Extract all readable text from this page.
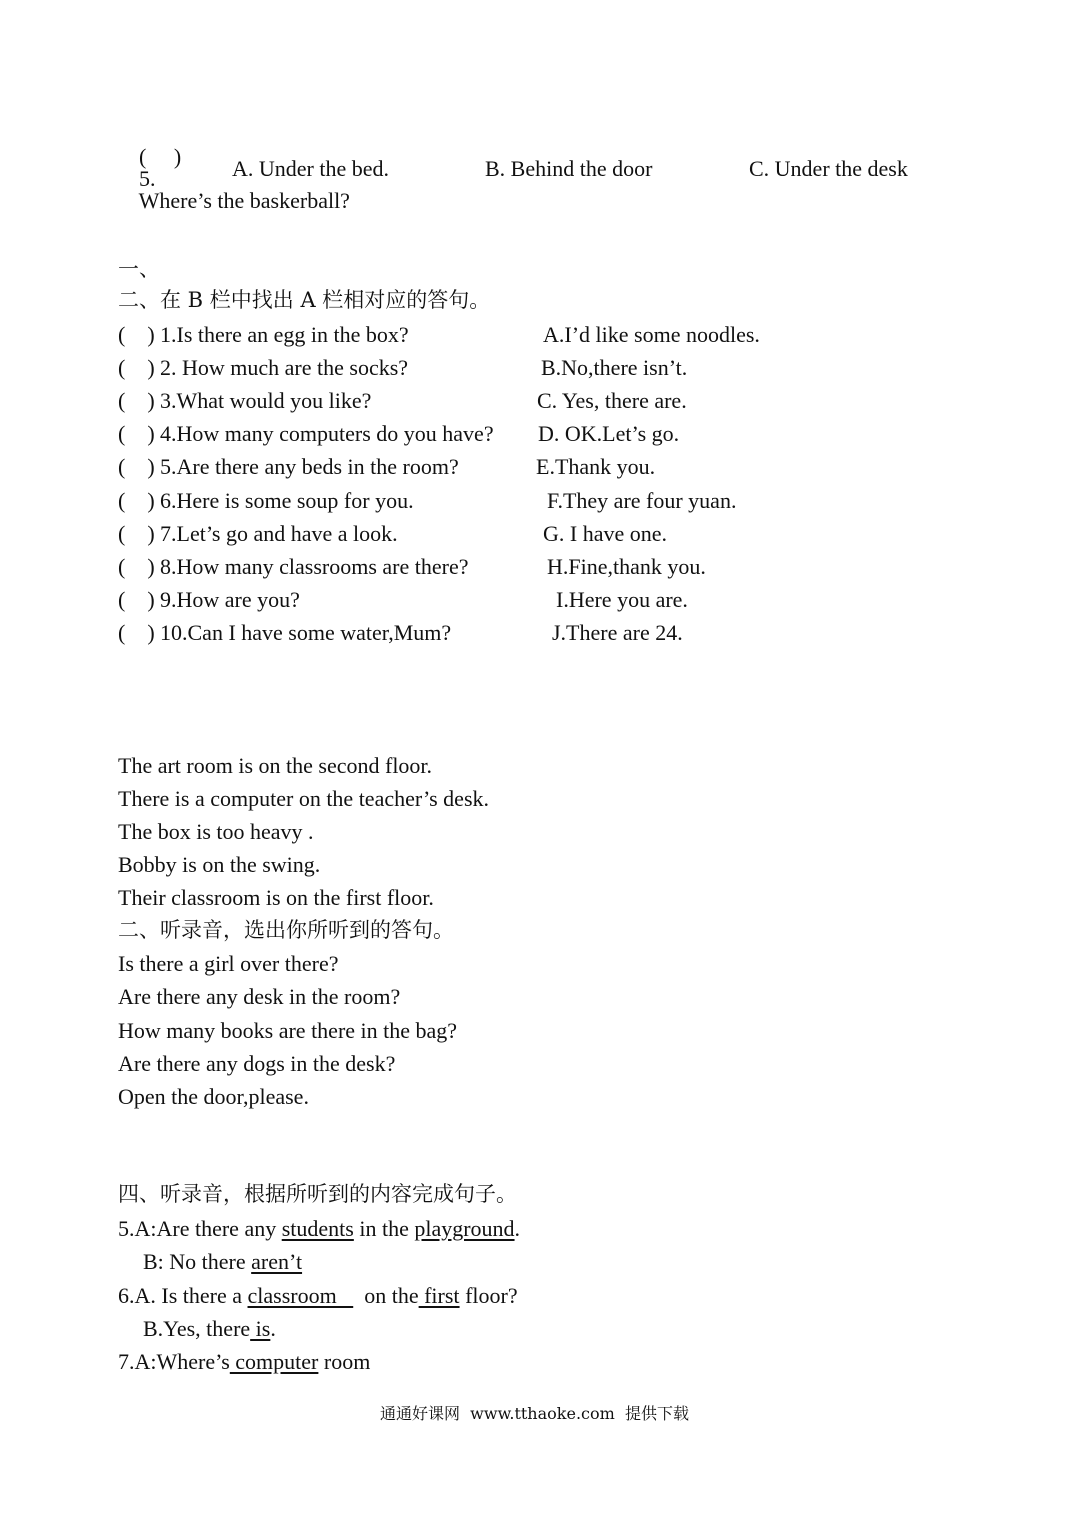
(     )
5.
Where’s the baskerball?

A. Under the bed.	B. Behind the door	C. Under the desk
一、
二、在 B 栏中找出 A 栏相对应的答句。
(    ) 1.Is there an egg in the box?	A.I’d like some noodles.
(    ) 2. How much are the socks?	B.No,there isn’t.
(    ) 3.What would you like?	C. Yes, there are.
(    ) 4.How many computers do you have? D. OK.Let’s go.
(    ) 5.Are there any beds in the room?	E.Thank you.
(    ) 6.Here is some soup for you.	F.They are four yuan.
(    ) 7.Let’s go and have a look.	G. I have one.
(    ) 8.How many classrooms are there?	H.Fine,thank you.
(    ) 9.How are you?	I.Here you are.
(    ) 10.Can I have some water,Mum?	J.There are 24.
The art room is on the second floor.
There is a computer on the teacher’s desk.
The box is too heavy .
Bobby is on the swing.
Their classroom is on the first floor.
二、听录音，选出你所听到的答句。
Is there a girl over there?
Are there any desk in the room?
How many books are there in the bag?
Are there any dogs in the desk?
Open the door,please.
四、听录音，根据所听到的内容完成句子。
5.A:Are there any students in the playground.
B: No there aren’t
6.A. Is there a classroom     on the first floor?
B.Yes, there is.
7.A:Where’s computer room
通通好课网  www.tthaoke.com  提供下载
